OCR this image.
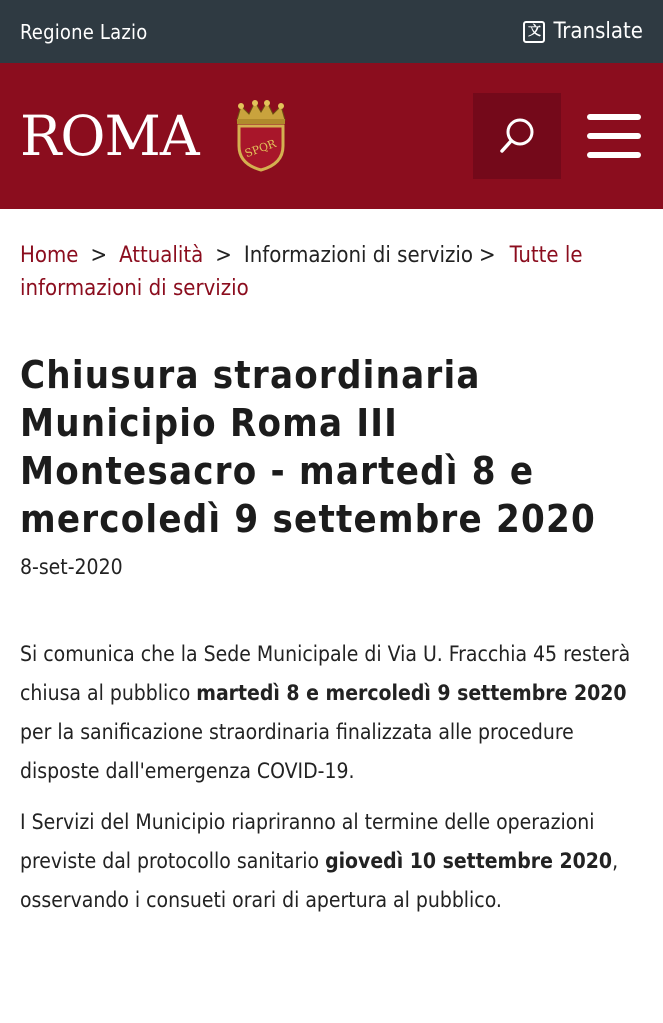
Regione Lazio	文 Translate
ROMA	SPQR
Home > Attualità > Informazioni di servizio > Tutte le informazioni di servizio
Chiusura straordinaria Municipio Roma III Montesacro - martedì 8 e mercoledì 9 settembre 2020
8-set-2020

Si comunica che la Sede Municipale di Via U. Fracchia 45 resterà chiusa al pubblico martedì 8 e mercoledì 9 settembre 2020 per la sanificazione straordinaria finalizzata alle procedure disposte dall'emergenza COVID-19.

I Servizi del Municipio riapriranno al termine delle operazioni previste dal protocollo sanitario giovedì 10 settembre 2020, osservando i consueti orari di apertura al pubblico.
